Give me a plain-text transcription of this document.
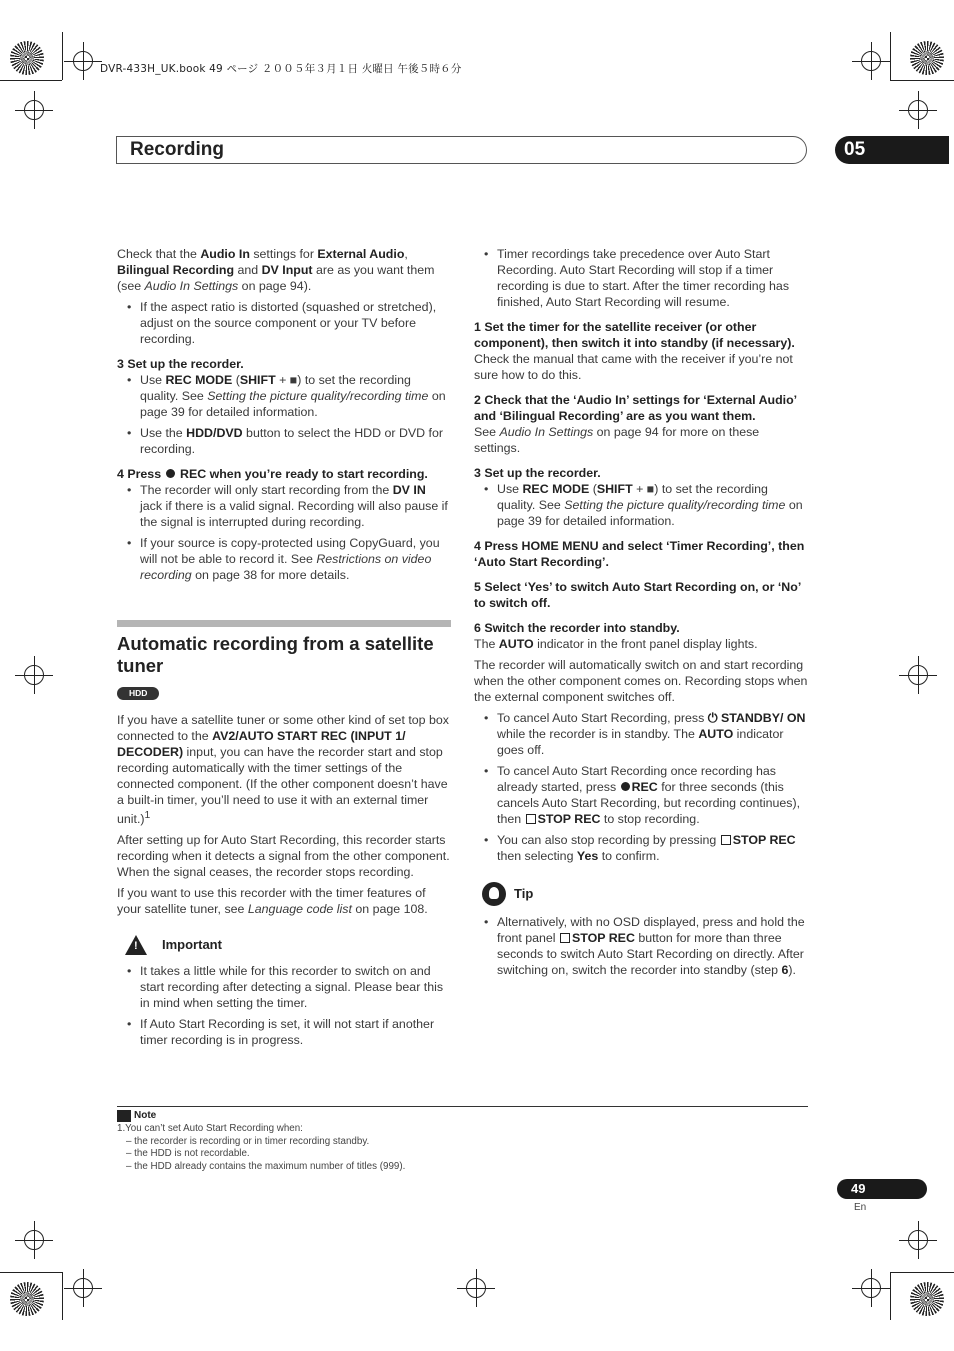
DVR-433H_UK.book 49 ページ ２００５年３月１日 火曜日 午後５時６分
Recording	05

Check that the Audio In settings for External Audio, Bilingual Recording and DV Input are as you want them (see Audio In Settings on page 94).

• If the aspect ratio is distorted (squashed or stretched), adjust on the source component or your TV before recording.
3 Set up the recorder.
• Use REC MODE (SHIFT + ■) to set the recording quality. See Setting the picture quality/recording time on page 39 for detailed information.
• Use the HDD/DVD button to select the HDD or DVD for recording.
4 Press  REC when you’re ready to start recording.
• The recorder will only start recording from the DV IN jack if there is a valid signal. Recording will also pause if the signal is interrupted during recording.
• If your source is copy-protected using CopyGuard, you will not be able to record it. See Restrictions on video recording on page 38 for more details.
Automatic recording from a satellite tuner
HDD

If you have a satellite tuner or some other kind of set top box connected to the AV2/AUTO START REC (INPUT 1/ DECODER) input, you can have the recorder start and stop recording automatically with the timer settings of the connected component. (If the other component doesn’t have a built-in timer, you’ll need to use it with an external timer unit.)$^1$

After setting up for Auto Start Recording, this recorder starts recording when it detects a signal from the other component. When the signal ceases, the recorder stops recording.

If you want to use this recorder with the timer features of your satellite tuner, see Language code list on page 108.

!
Important
• It takes a little while for this recorder to switch on and start recording after detecting a signal. Please bear this in mind when setting the timer.
• If Auto Start Recording is set, it will not start if another timer recording is in progress.
• Timer recordings take precedence over Auto Start Recording. Auto Start Recording will stop if a timer recording is due to start. After the timer recording has finished, Auto Start Recording will resume.
1 Set the timer for the satellite receiver (or other component), then switch it into standby (if necessary).

Check the manual that came with the receiver if you’re not sure how to do this.

2 Check that the ‘Audio In’ settings for ‘External Audio’ and ‘Bilingual Recording’ are as you want them.

See Audio In Settings on page 94 for more on these settings.

3 Set up the recorder.
• Use REC MODE (SHIFT + ■) to set the recording quality. See Setting the picture quality/recording time on page 39 for detailed information.
4 Press HOME MENU and select ‘Timer Recording’, then ‘Auto Start Recording’.
5 Select ‘Yes’ to switch Auto Start Recording on, or ‘No’ to switch off.
6 Switch the recorder into standby.

The AUTO indicator in the front panel display lights.

The recorder will automatically switch on and start recording when the other component comes on. Recording stops when the external component switches off.

• To cancel Auto Start Recording, press ⏻ STANDBY/ ON while the recorder is in standby. The AUTO indicator goes off.
• To cancel Auto Start Recording once recording has already started, press REC for three seconds (this cancels Auto Start Recording, but recording continues), then STOP REC to stop recording.
• You can also stop recording by pressing STOP REC then selecting Yes to confirm.
Tip
• Alternatively, with no OSD displayed, press and hold the front panel STOP REC button for more than three seconds to switch Auto Start Recording on directly. After switching on, switch the recorder into standby (step 6).
Note
1.You can’t set Auto Start Recording when:
– the recorder is recording or in timer recording standby.
– the HDD is not recordable.
– the HDD already contains the maximum number of titles (999).
49
En
